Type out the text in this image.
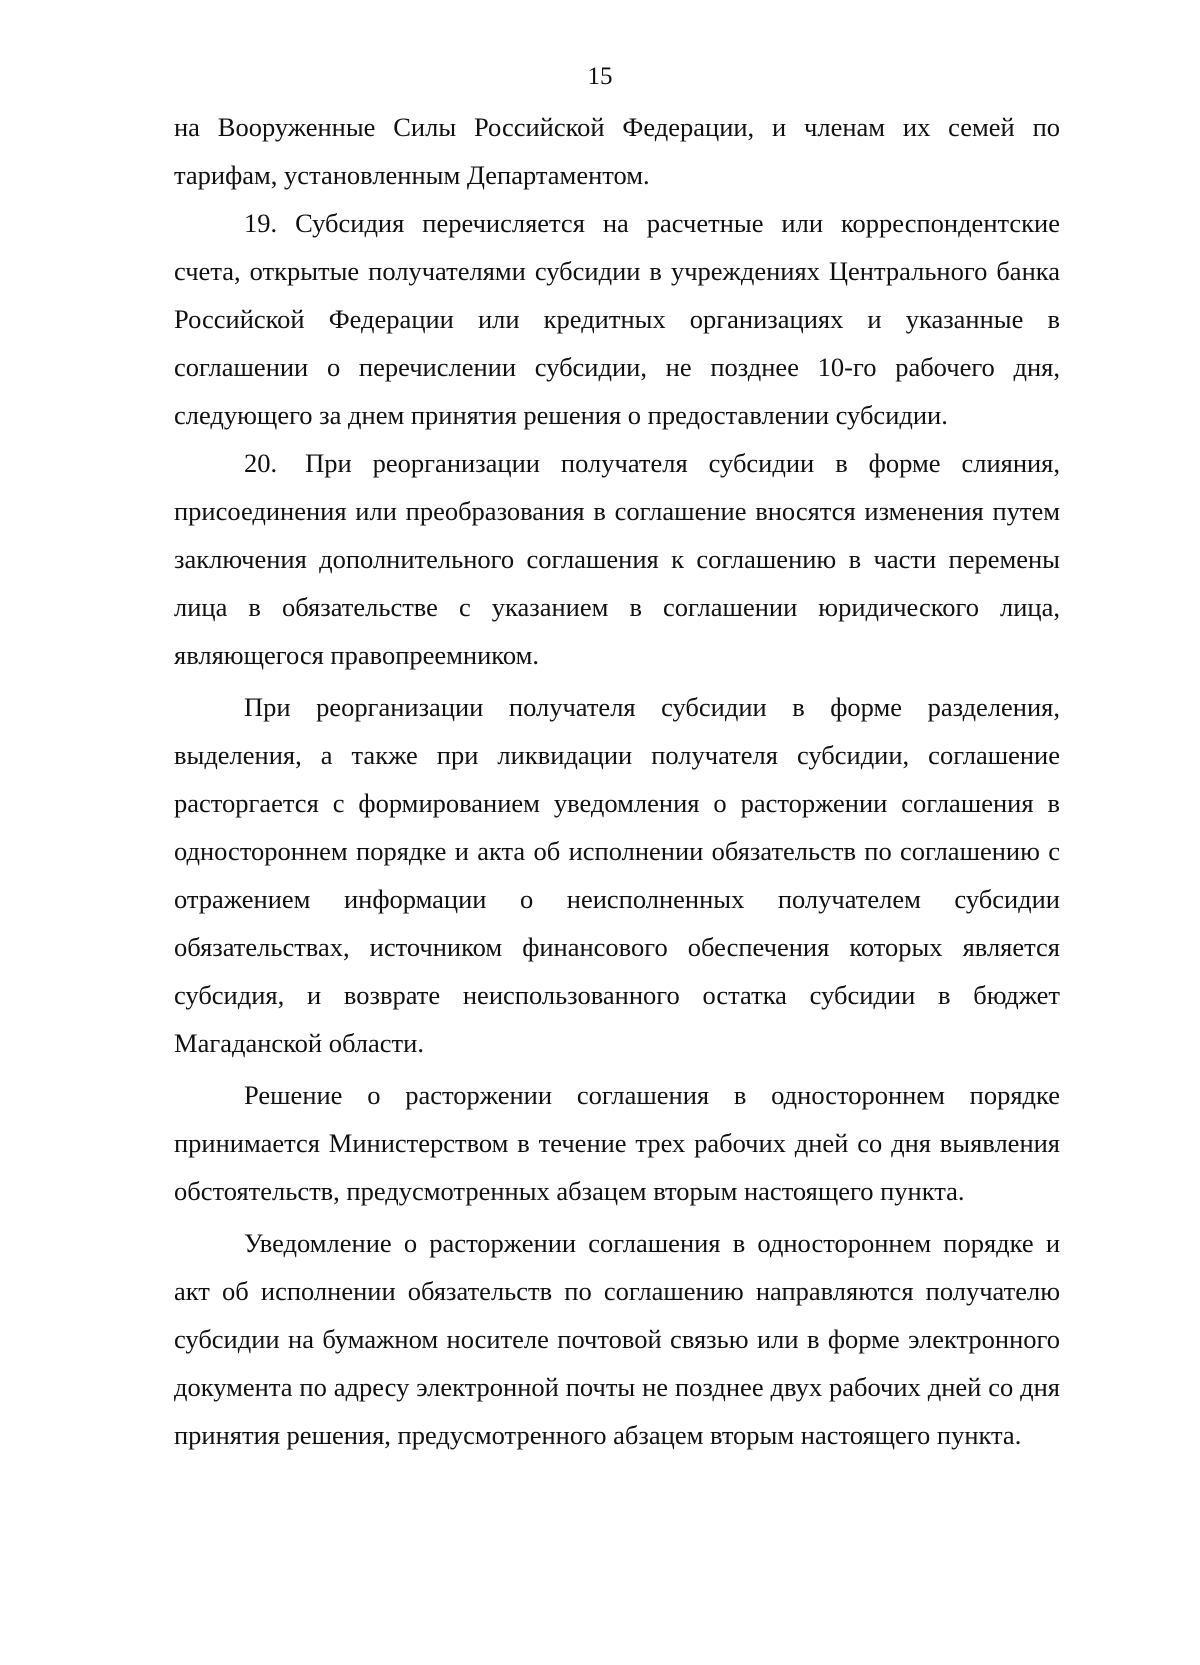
15

на Вооруженные Силы Российской Федерации, и членам их семей по тарифам, установленным Департаментом.

19. Субсидия перечисляется на расчетные или корреспондентские счета, открытые получателями субсидии в учреждениях Центрального банка Российской Федерации или кредитных организациях и указанные в соглашении о перечислении субсидии, не позднее 10-го рабочего дня, следующего за днем принятия решения о предоставлении субсидии.

20. При реорганизации получателя субсидии в форме слияния, присоединения или преобразования в соглашение вносятся изменения путем заключения дополнительного соглашения к соглашению в части перемены лица в обязательстве с указанием в соглашении юридического лица, являющегося правопреемником.

При реорганизации получателя субсидии в форме разделения, выделения, а также при ликвидации получателя субсидии, соглашение расторгается с формированием уведомления о расторжении соглашения в одностороннем порядке и акта об исполнении обязательств по соглашению с отражением информации о неисполненных получателем субсидии обязательствах, источником финансового обеспечения которых является субсидия, и возврате неиспользованного остатка субсидии в бюджет Магаданской области.

Решение о расторжении соглашения в одностороннем порядке принимается Министерством в течение трех рабочих дней со дня выявления обстоятельств, предусмотренных абзацем вторым настоящего пункта.

Уведомление о расторжении соглашения в одностороннем порядке и акт об исполнении обязательств по соглашению направляются получателю субсидии на бумажном носителе почтовой связью или в форме электронного документа по адресу электронной почты не позднее двух рабочих дней со дня принятия решения, предусмотренного абзацем вторым настоящего пункта.
